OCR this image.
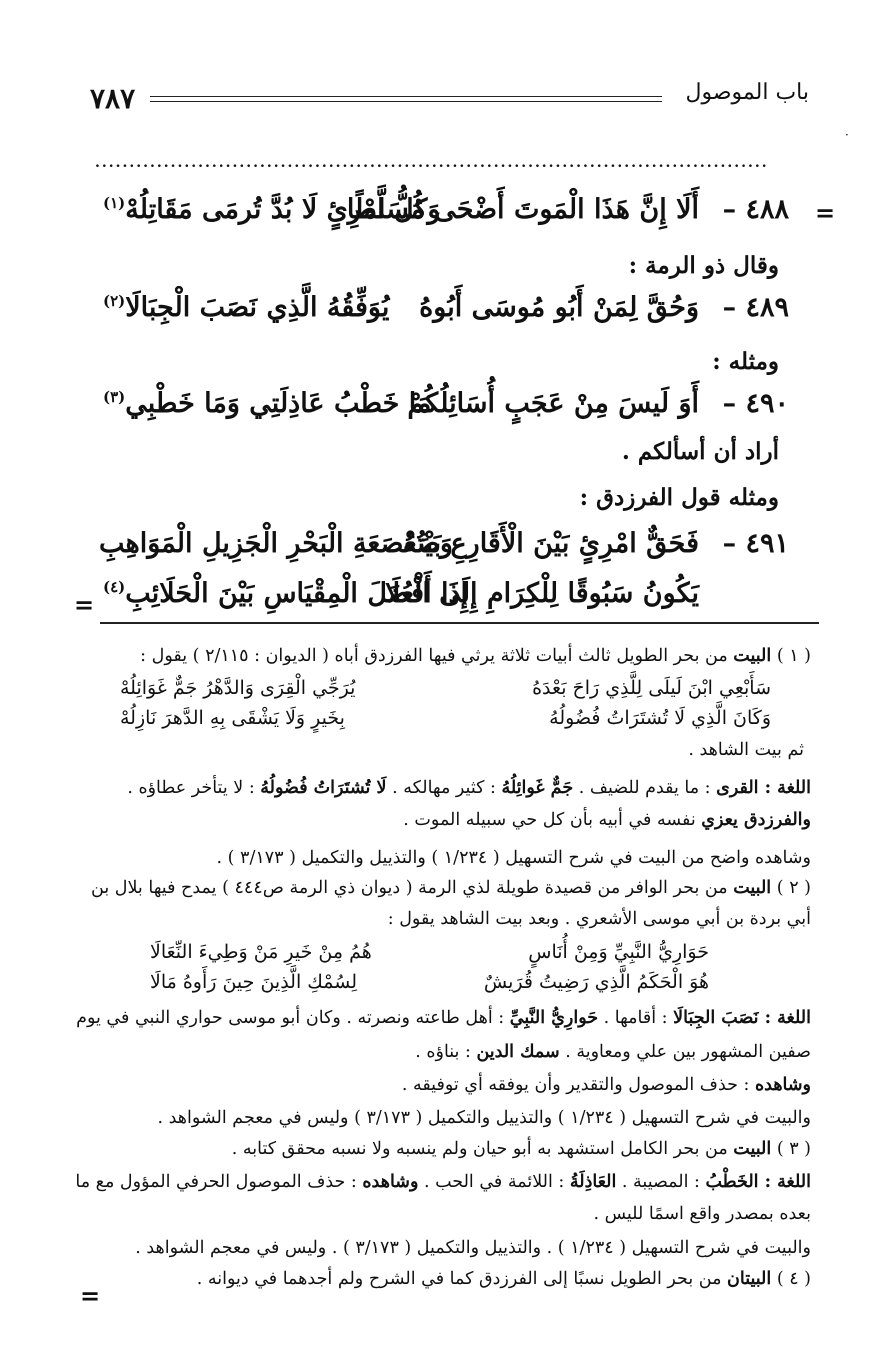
٧٨٧	باب الموصول
·
..................................................................................................
=
٤٨٨ –
أَلَا إِنَّ هَذَا الْمَوتَ أَضْحَى مُسَلَّطًا
وَكُلُّ امْرِئٍ لَا بُدَّ تُرمَى مَقَاتِلُهْ$^{(١)}$
وقال ذو الرمة :
٤٨٩ –
وَحُقَّ لِمَنْ أَبُو مُوسَى أَبُوهُ
يُوَفِّقُهُ الَّذِي نَصَبَ الْجِبَالَا$^{(٢)}$
ومثله :
٤٩٠ –
أَوَ لَيسَ مِنْ عَجَبٍ أُسَائِلُكُمْ
مَا خَطْبُ عَاذِلَتِي وَمَا خَطْبِي$^{(٣)}$
أراد أن أسألكم .
ومثله قول الفرزدق :
٤٩١ –
فَحَقٌّ امْرِئٍ بَيْنَ الْأَقَارِعِ بَيْتُهُ
وَصَعْصَعَةِ الْبَحْرِ الْجَزِيلِ الْمَوَاهِبِ
يَكُونُ سَبُوقًا لِلْكِرَامِ إِلَى الْعُلَا
إِذَا أَفْضَلَ الْمِقْيَاسِ بَيْنَ الْحَلَائِبِ$^{(٤)}$
=
( ١ ) البيت من بحر الطويل ثالث أبيات ثلاثة يرثي فيها الفرزدق أباه ( الديوان : ٢/١١٥ ) يقول :
سَأَبْعِي ابْنَ لَيلَى لِلَّذِي رَاحَ بَعْدَهُ
يُرَجِّي الْقِرَى وَالدَّهْرُ جَمٌّ غَوَائِلُهْ
وَكَانَ الَّذِي لَا تُشتَرَاتُ فُضُولُهُ
بِخَيرٍ وَلَا يَشْقَى بِهِ الدَّهرَ نَازِلُهْ
ثم بيت الشاهد .
اللغة : القرى : ما يقدم للضيف . جَمٌّ غَوائِلُهُ : كثير مهالكه . لَا تُشتَرَاتُ فُضُولُهُ : لا يتأخر عطاؤه .
والفرزدق يعزي نفسه في أبيه بأن كل حي سبيله الموت .
وشاهده واضح من البيت في شرح التسهيل ( ١/٢٣٤ ) والتذييل والتكميل ( ٣/١٧٣ ) .
( ٢ ) البيت من بحر الوافر من قصيدة طويلة لذي الرمة ( ديوان ذي الرمة ص٤٤٤ ) يمدح فيها بلال بن
أبي بردة بن أبي موسى الأشعري . وبعد بيت الشاهد يقول :
حَوَارِيُّ النَّبِيِّ وَمِنْ أُنَاسٍ
هُمُ مِنْ خَيرِ مَنْ وَطِيءَ النِّعَالَا
هُوَ الْحَكَمُ الَّذِي رَضِيتُ قُرَيشٌ
لِسُمْكِ الَّذِينَ حِينَ رَأَوهُ مَالَا
اللغة : نَصَبَ الجِبَالَا : أقامها . حَوارِيُّ النَّبِيِّ : أهل طاعته ونصرته . وكان أبو موسى حواري النبي في يوم
صفين المشهور بين علي ومعاوية . سمك الدين : بناؤه .
وشاهده : حذف الموصول والتقدير وأن يوفقه أي توفيقه .
والبيت في شرح التسهيل ( ١/٢٣٤ ) والتذييل والتكميل ( ٣/١٧٣ ) وليس في معجم الشواهد .
( ٣ ) البيت من بحر الكامل استشهد به أبو حيان ولم ينسبه ولا نسبه محقق كتابه .
اللغة : الخَطْبُ : المصيبة . العَاذِلَةُ : اللائمة في الحب . وشاهده : حذف الموصول الحرفي المؤول مع ما
بعده بمصدر واقع اسمًا لليس .
والبيت في شرح التسهيل ( ١/٢٣٤ ) . والتذييل والتكميل ( ٣/١٧٣ ) . وليس في معجم الشواهد .
( ٤ ) البيتان من بحر الطويل نسبًا إلى الفرزدق كما في الشرح ولم أجدهما في ديوانه .
=
